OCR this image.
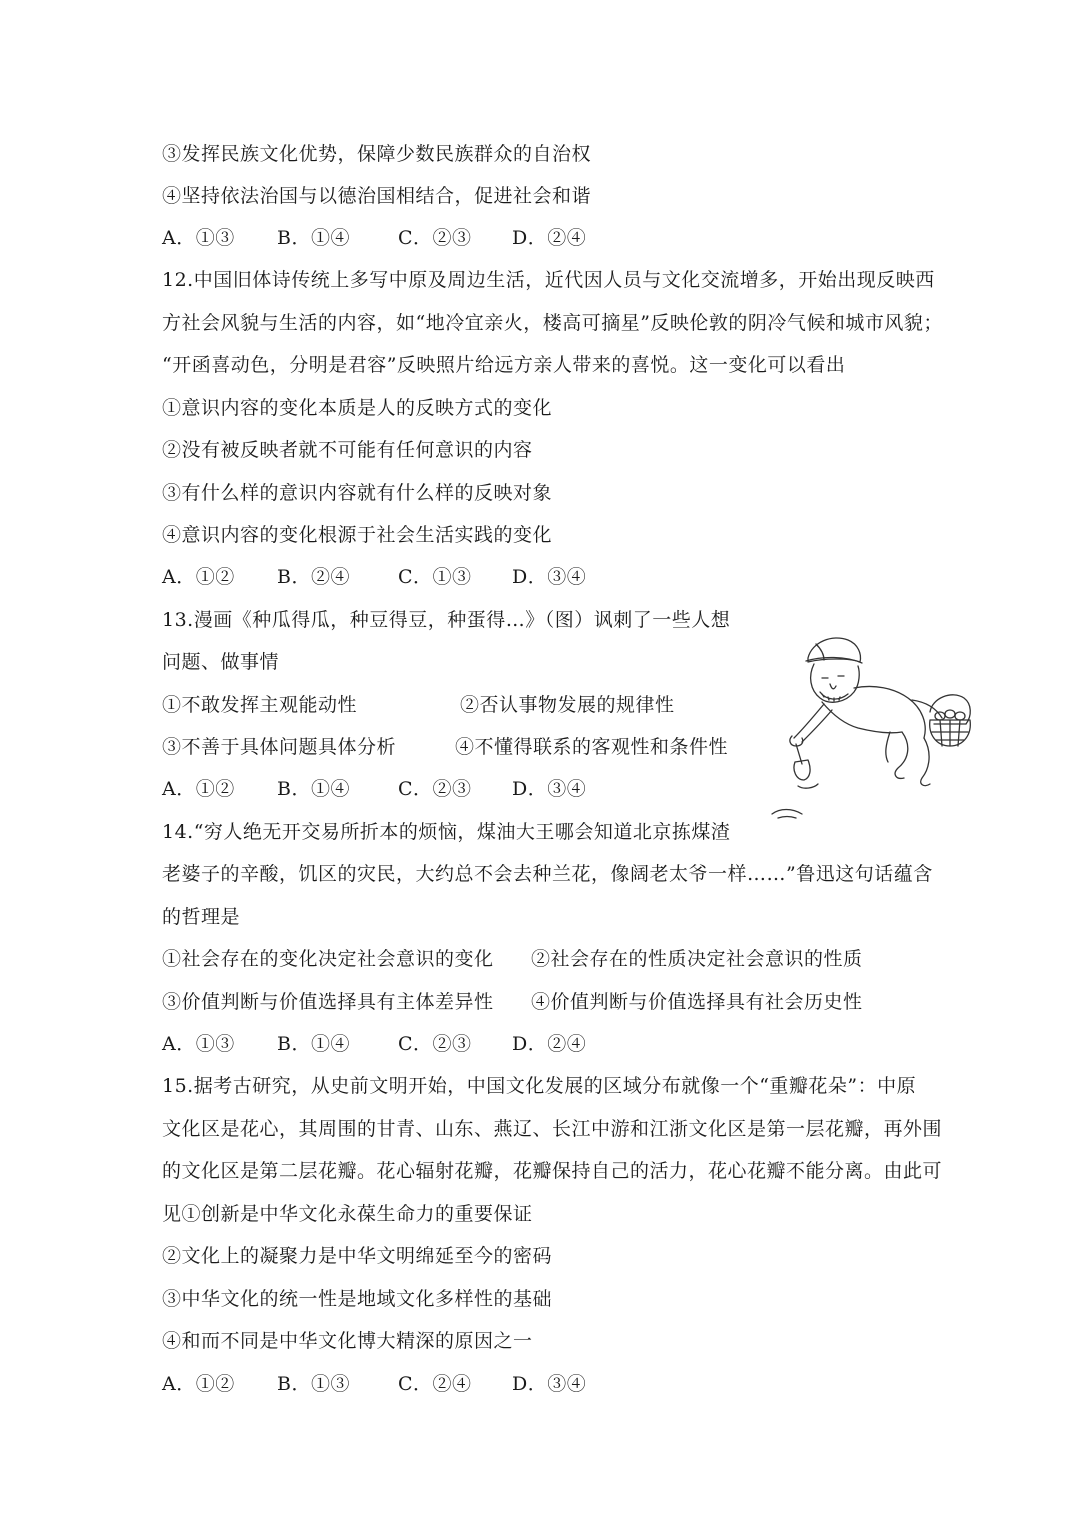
③发挥民族文化优势，保障少数民族群众的自治权
④坚持依法治国与以德治国相结合，促进社会和谐
A．①③ B．①④	C．②③ D．②④
12.中国旧体诗传统上多写中原及周边生活，近代因人员与文化交流增多，开始出现反映西
方社会风貌与生活的内容，如“地冷宜亲火，楼高可摘星”反映伦敦的阴冷气候和城市风貌；
“开函喜动色，分明是君容”反映照片给远方亲人带来的喜悦。这一变化可以看出
①意识内容的变化本质是人的反映方式的变化
②没有被反映者就不可能有任何意识的内容
③有什么样的意识内容就有什么样的反映对象
④意识内容的变化根源于社会生活实践的变化
A．①② B．②④	C．①③ D．③④
13.漫画《种瓜得瓜，种豆得豆，种蛋得…》（图）讽刺了一些人想
问题、做事情
①不敢发挥主观能动性	②否认事物发展的规律性
③不善于具体问题具体分析	④不懂得联系的客观性和条件性
A．①② B．①④	C．②③ D．③④
14.“穷人绝无开交易所折本的烦恼，煤油大王哪会知道北京拣煤渣
老婆子的辛酸，饥区的灾民，大约总不会去种兰花，像阔老太爷一样……”鲁迅这句话蕴含
的哲理是
①社会存在的变化决定社会意识的变化 ②社会存在的性质决定社会意识的性质
③价值判断与价值选择具有主体差异性 ④价值判断与价值选择具有社会历史性
A．①③ B．①④	C．②③ D．②④
15.据考古研究，从史前文明开始，中国文化发展的区域分布就像一个“重瓣花朵”：中原
文化区是花心，其周围的甘青、山东、燕辽、长江中游和江浙文化区是第一层花瓣，再外围
的文化区是第二层花瓣。花心辐射花瓣，花瓣保持自己的活力，花心花瓣不能分离。由此可
见①创新是中华文化永葆生命力的重要保证
②文化上的凝聚力是中华文明绵延至今的密码
③中华文化的统一性是地域文化多样性的基础
④和而不同是中华文化博大精深的原因之一
A．①② B．①③	C．②④ D．③④
